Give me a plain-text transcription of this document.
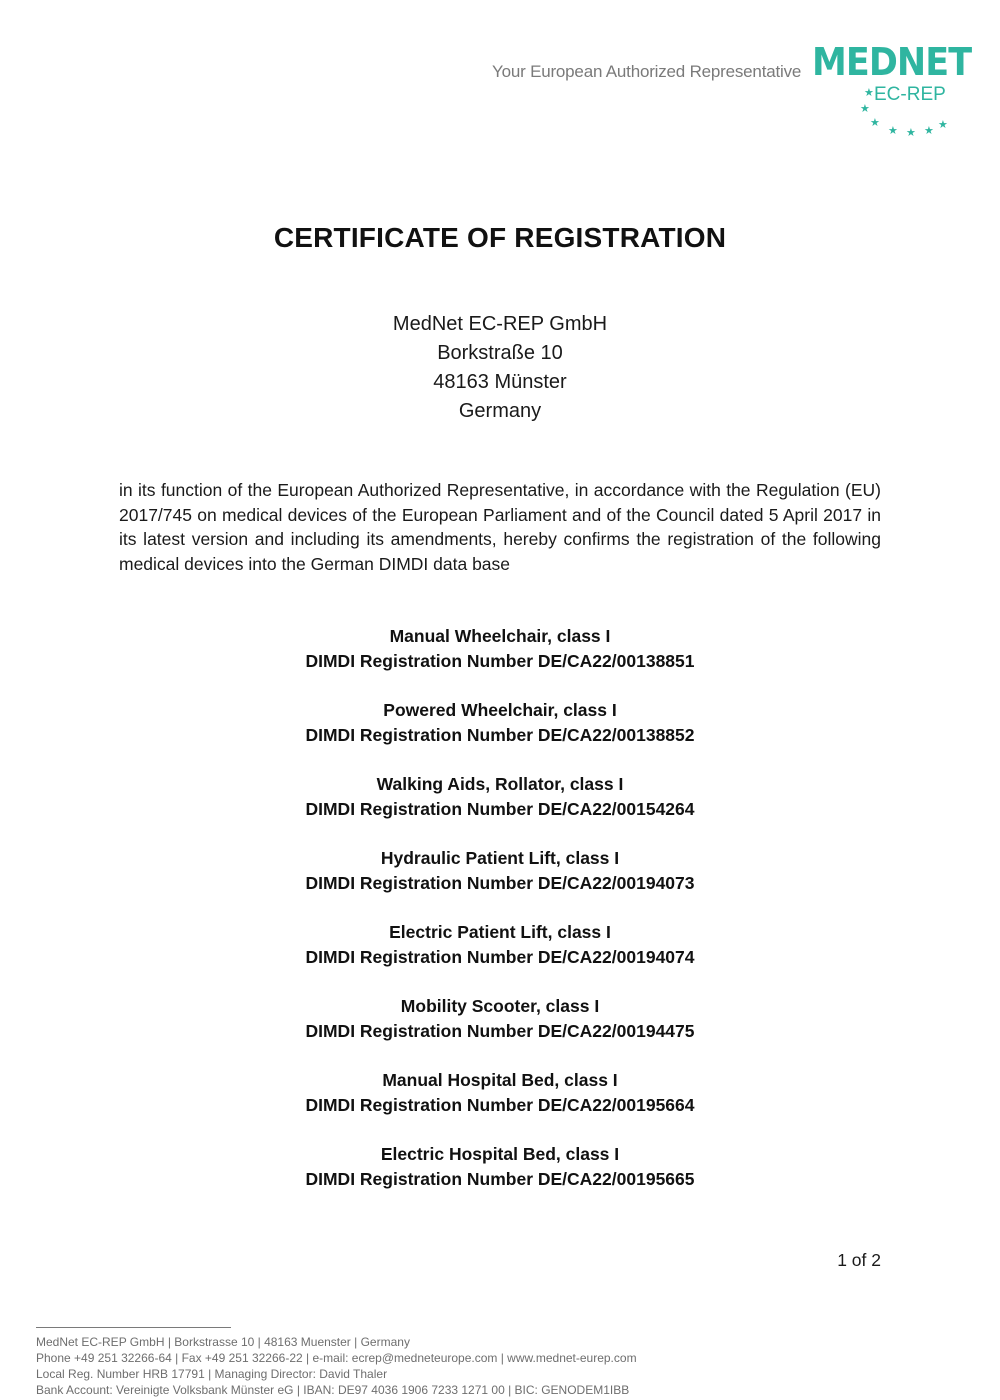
Your European Authorized Representative MEDNET
★
★
★
★ ★ ★ ★
EC-REP
CERTIFICATE OF REGISTRATION
MedNet EC-REP GmbH
Borkstraße 10
48163 Münster
Germany
in its function of the European Authorized Representative, in accordance with the Regulation (EU) 2017/745 on medical devices of the European Parliament and of the Council dated 5 April 2017 in its latest version and including its amendments, hereby confirms the registration of the following medical devices into the German DIMDI data base
Manual Wheelchair, class I
DIMDI Registration Number DE/CA22/00138851
Powered Wheelchair, class I
DIMDI Registration Number DE/CA22/00138852
Walking Aids, Rollator, class I
DIMDI Registration Number DE/CA22/00154264
Hydraulic Patient Lift, class I
DIMDI Registration Number DE/CA22/00194073
Electric Patient Lift, class I
DIMDI Registration Number DE/CA22/00194074
Mobility Scooter, class I
DIMDI Registration Number DE/CA22/00194475
Manual Hospital Bed, class I
DIMDI Registration Number DE/CA22/00195664
Electric Hospital Bed, class I
DIMDI Registration Number DE/CA22/00195665
1 of 2
MedNet EC-REP GmbH | Borkstrasse 10 | 48163 Muenster | Germany
Phone +49 251 32266-64 | Fax +49 251 32266-22 | e-mail: ecrep@medneteurope.com | www.mednet-eurep.com
Local Reg. Number HRB 17791 | Managing Director: David Thaler
Bank Account: Vereinigte Volksbank Münster eG | IBAN: DE97 4036 1906 7233 1271 00 | BIC: GENODEM1IBB
